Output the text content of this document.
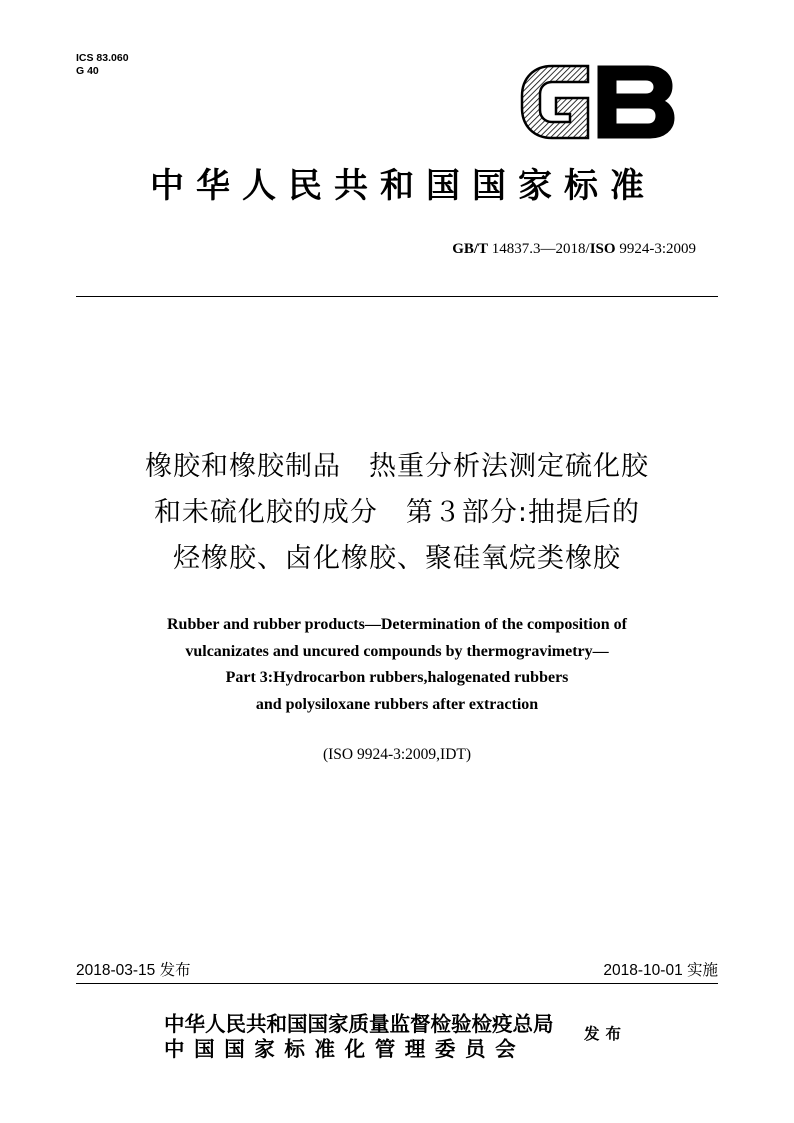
ICS 83.060
G 40
中华人民共和国国家标准
GB/T 14837.3—2018/ISO 9924-3:2009
橡胶和橡胶制品　热重分析法测定硫化胶
和未硫化胶的成分　第３部分:抽提后的
烃橡胶、卤化橡胶、聚硅氧烷类橡胶
Rubber and rubber products—Determination of the composition of
vulcanizates and uncured compounds by thermogravimetry—
Part 3:Hydrocarbon rubbers,halogenated rubbers
and polysiloxane rubbers after extraction
(ISO 9924-3:2009,IDT)
2018-03-15 发布	2018-10-01 实施
中华人民共和国国家质量监督检验检疫总局
中国国家标准化管理委员会
发布
